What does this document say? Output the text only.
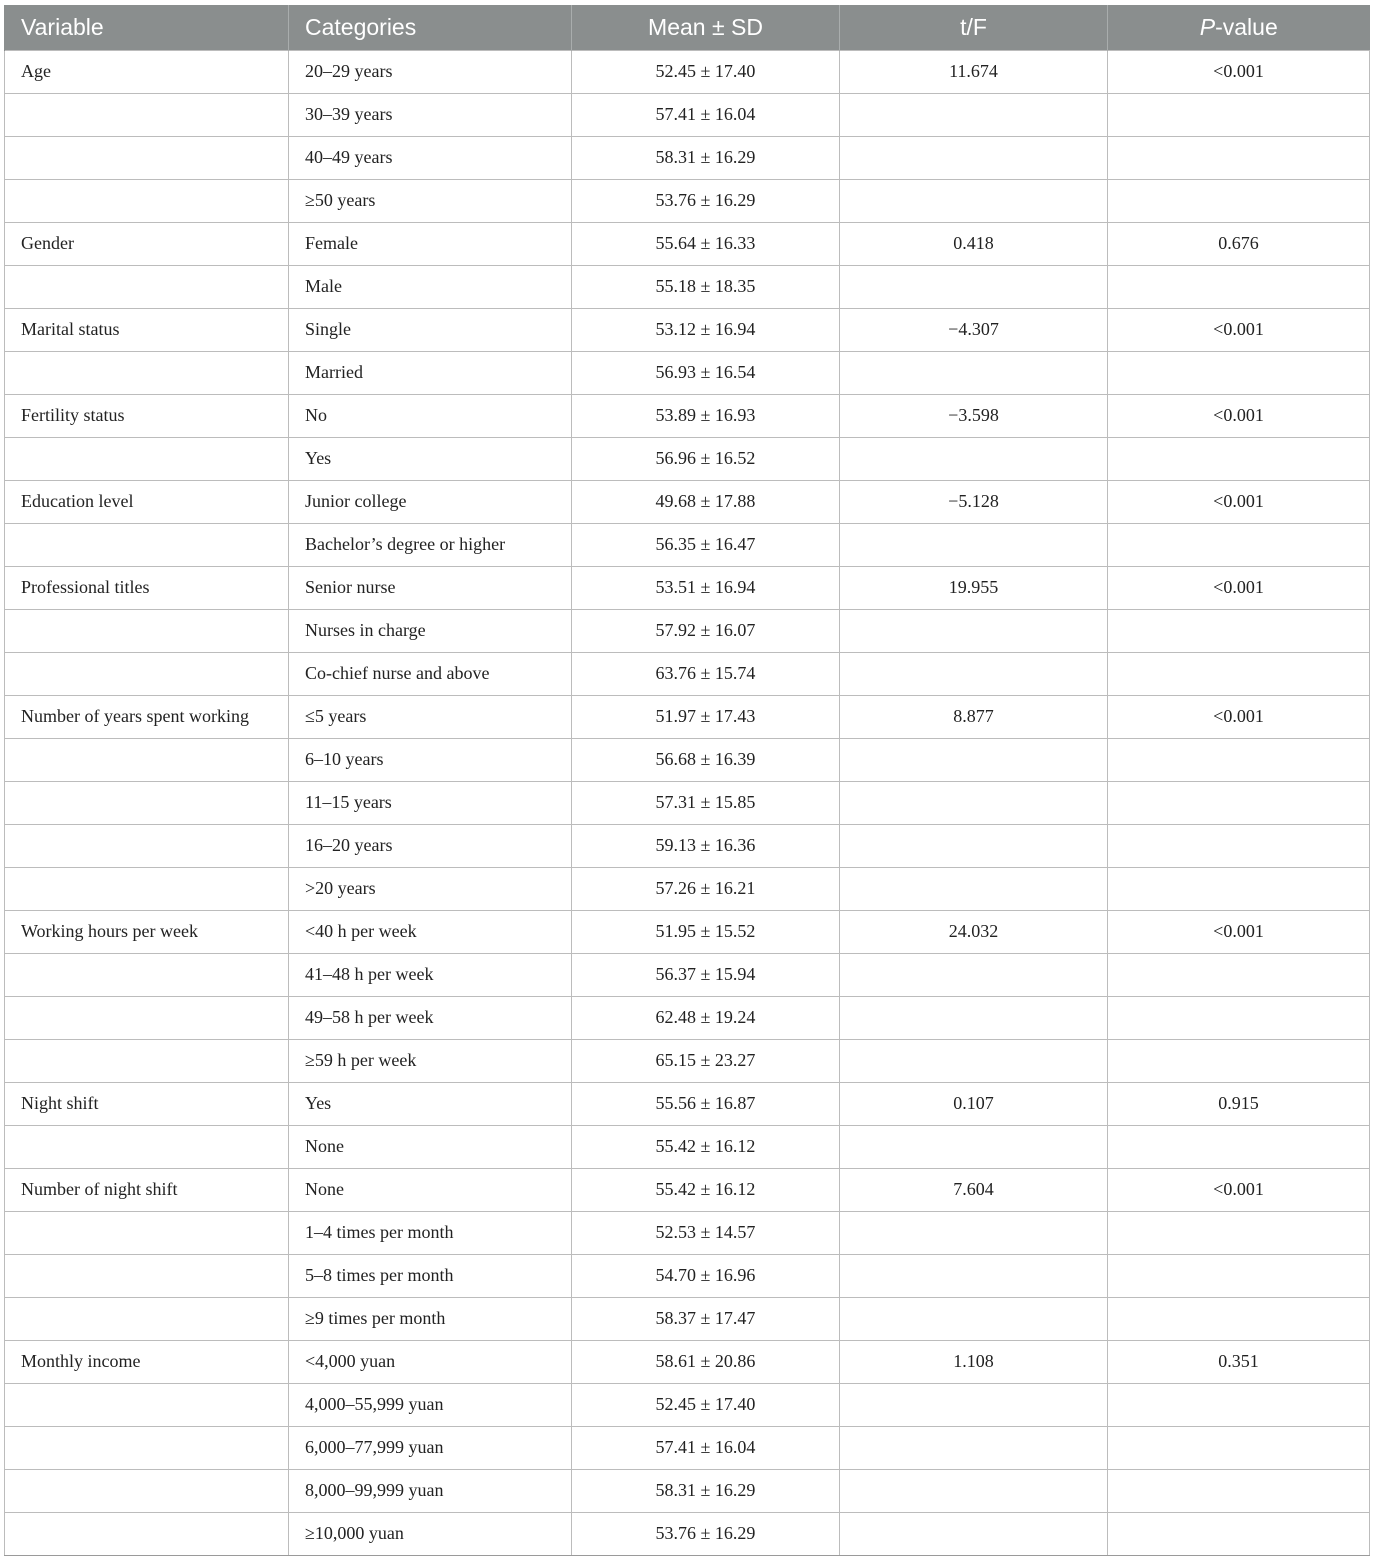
Variable	Categories	Mean ± SD	t/F	P-value
Age	20–29 years	52.45 ± 17.40	11.674	<0.001
	30–39 years	57.41 ± 16.04		
	40–49 years	58.31 ± 16.29		
	≥50 years	53.76 ± 16.29		
Gender	Female	55.64 ± 16.33	0.418	0.676
	Male	55.18 ± 18.35		
Marital status	Single	53.12 ± 16.94	−4.307	<0.001
	Married	56.93 ± 16.54		
Fertility status	No	53.89 ± 16.93	−3.598	<0.001
	Yes	56.96 ± 16.52		
Education level	Junior college	49.68 ± 17.88	−5.128	<0.001
	Bachelor’s degree or higher	56.35 ± 16.47		
Professional titles	Senior nurse	53.51 ± 16.94	19.955	<0.001
	Nurses in charge	57.92 ± 16.07		
	Co-chief nurse and above	63.76 ± 15.74		
Number of years spent working	≤5 years	51.97 ± 17.43	8.877	<0.001
	6–10 years	56.68 ± 16.39		
	11–15 years	57.31 ± 15.85		
	16–20 years	59.13 ± 16.36		
	>20 years	57.26 ± 16.21		
Working hours per week	<40 h per week	51.95 ± 15.52	24.032	<0.001
	41–48 h per week	56.37 ± 15.94		
	49–58 h per week	62.48 ± 19.24		
	≥59 h per week	65.15 ± 23.27		
Night shift	Yes	55.56 ± 16.87	0.107	0.915
	None	55.42 ± 16.12		
Number of night shift	None	55.42 ± 16.12	7.604	<0.001
	1–4 times per month	52.53 ± 14.57		
	5–8 times per month	54.70 ± 16.96		
	≥9 times per month	58.37 ± 17.47		
Monthly income	<4,000 yuan	58.61 ± 20.86	1.108	0.351
	4,000–55,999 yuan	52.45 ± 17.40		
	6,000–77,999 yuan	57.41 ± 16.04		
	8,000–99,999 yuan	58.31 ± 16.29		
	≥10,000 yuan	53.76 ± 16.29		
